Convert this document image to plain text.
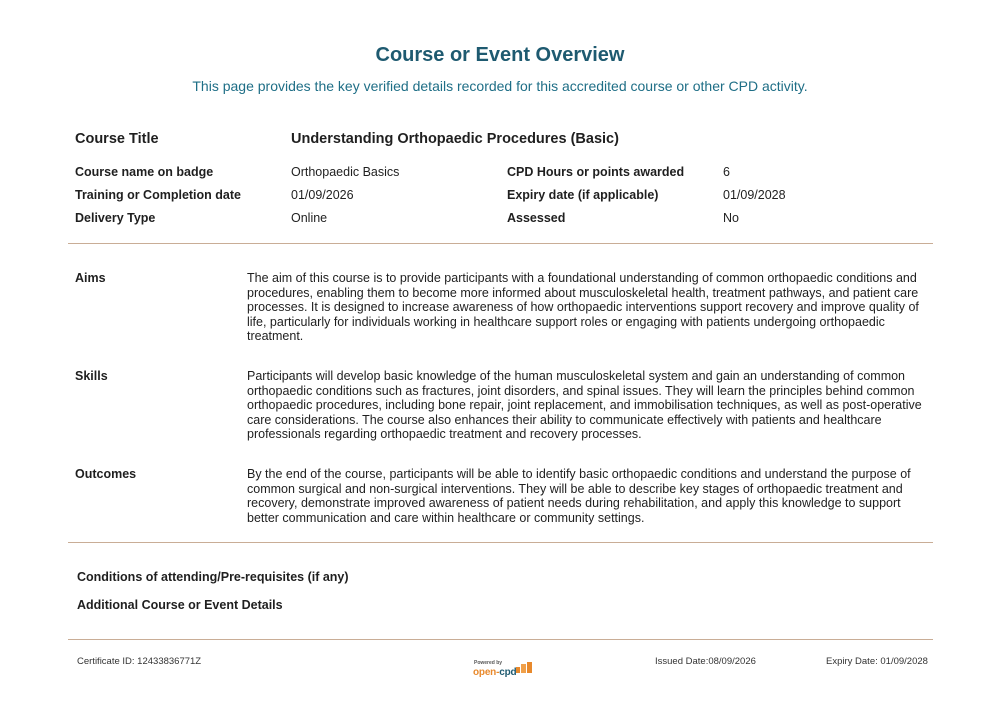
Course or Event Overview

This page provides the key verified details recorded for this accredited course or other CPD activity.

Course Title	Understanding Orthopaedic Procedures (Basic)
Course name on badge	Orthopaedic Basics	CPD Hours or points awarded	6
Training or Completion date	01/09/2026	Expiry date (if applicable)	01/09/2028
Delivery Type	Online	Assessed	No
Aims	The aim of this course is to provide participants with a foundational understanding of common orthopaedic conditions and procedures, enabling them to become more informed about musculoskeletal health, treatment pathways, and patient care processes. It is designed to increase awareness of how orthopaedic interventions support recovery and improve quality of life, particularly for individuals working in healthcare support roles or engaging with patients undergoing orthopaedic treatment.
Skills	Participants will develop basic knowledge of the human musculoskeletal system and gain an understanding of common orthopaedic conditions such as fractures, joint disorders, and spinal issues. They will learn the principles behind common orthopaedic procedures, including bone repair, joint replacement, and immobilisation techniques, as well as post-operative care considerations. The course also enhances their ability to communicate effectively with patients and healthcare professionals regarding orthopaedic treatment and recovery processes.
Outcomes	By the end of the course, participants will be able to identify basic orthopaedic conditions and understand the purpose of common surgical and non-surgical interventions. They will be able to describe key stages of orthopaedic treatment and recovery, demonstrate improved awareness of patient needs during rehabilitation, and apply this knowledge to support better communication and care within healthcare or community settings.
Conditions of attending/Pre-requisites (if any)
Additional Course or Event Details
Certificate ID: 12433836771Z	Powered by
open-cpd
Issued Date:08/09/2026	Expiry Date: 01/09/2028
